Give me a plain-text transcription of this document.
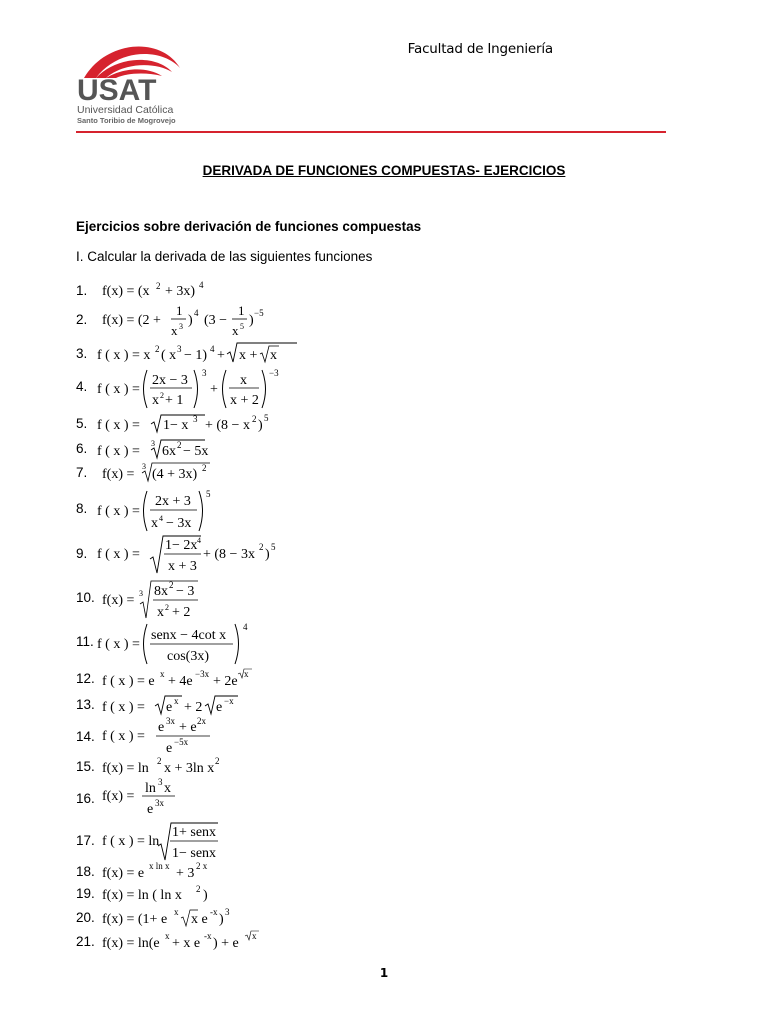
USAT
Universidad Católica
Santo Toribio de Mogrovejo
Facultad de Ingeniería
DERIVADA DE FUNCIONES COMPUESTAS- EJERCICIOS
Ejercicios sobre derivación de funciones compuestas
I. Calcular la derivada de las siguientes funciones
1.
2.
3.
4.
5.
6.
7.
8.
9.
10.
11.
12.
13.
14.
15.
16.
17.
18.
19.
20.
21.
f(x) = (x 2 + 3x) 4
f(x) = (2 +
1
x 3 ) 4 (3 −
1
x 5 ) −5
f ( x ) = x 2 ( x 3 − 1) 4 + x + x
f ( x ) =
2x − 3
x 2 + 1
3
+
x
x + 2
−3
f ( x ) = 1− x 3 + (8 − x 2 ) 5
f ( x ) =
3
6x 2 − 5x
f(x) =
3
(4 + 3x) 2
f ( x ) =
2x + 3
x 4 − 3x
5
f ( x ) =
1− 2x 4
x + 3
+ (8 − 3x 2 ) 5
f(x) = 3 8x 2 − 3
x 2 + 2
f ( x ) =
senx − 4cot x
cos(3x)
4
f ( x ) = e x + 4e −3x + 2e x
f ( x ) = e x + 2 e −x
f ( x ) =
e 3x + e 2x
e −5x
f(x) = ln 2 x + 3ln x 2
f(x) =
ln 3 x
e 3x
f ( x ) = ln
1+ senx
1− senx
f(x) = e x ln x + 3 2 x
f(x) = ln ( ln x 2 )
f(x) = (1+ e x x e -x ) 3
f(x) = ln(e x + x e -x ) + e x
1
